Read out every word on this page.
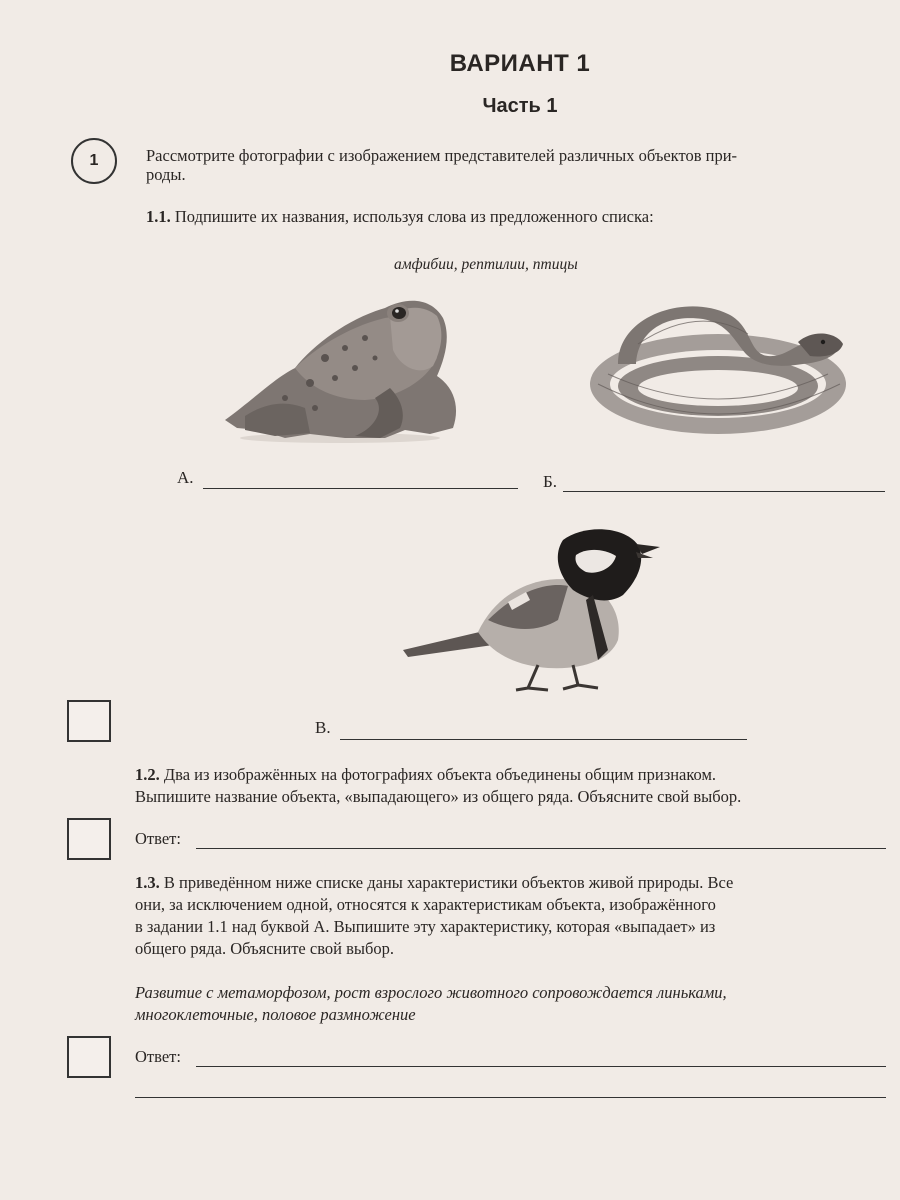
ВАРИАНТ 1
Часть 1
1	Рассмотрите фотографии с изображением представителей различных объектов при-
роды.
1.1. Подпишите их названия, используя слова из предложенного списка:
амфибии, рептилии, птицы
А.	Б.
В.
1.2. Два из изображённых на фотографиях объекта объединены общим признаком.
Выпишите название объекта, «выпадающего» из общего ряда. Объясните свой выбор.
Ответ:
1.3. В приведённом ниже списке даны характеристики объектов живой природы. Все
они, за исключением одной, относятся к характеристикам объекта, изображённого
в задании 1.1 над буквой А. Выпишите эту характеристику, которая «выпадает» из
общего ряда. Объясните свой выбор.
Развитие с метаморфозом, рост взрослого животного сопровождается линьками,
многоклеточные, половое размножение
Ответ:
